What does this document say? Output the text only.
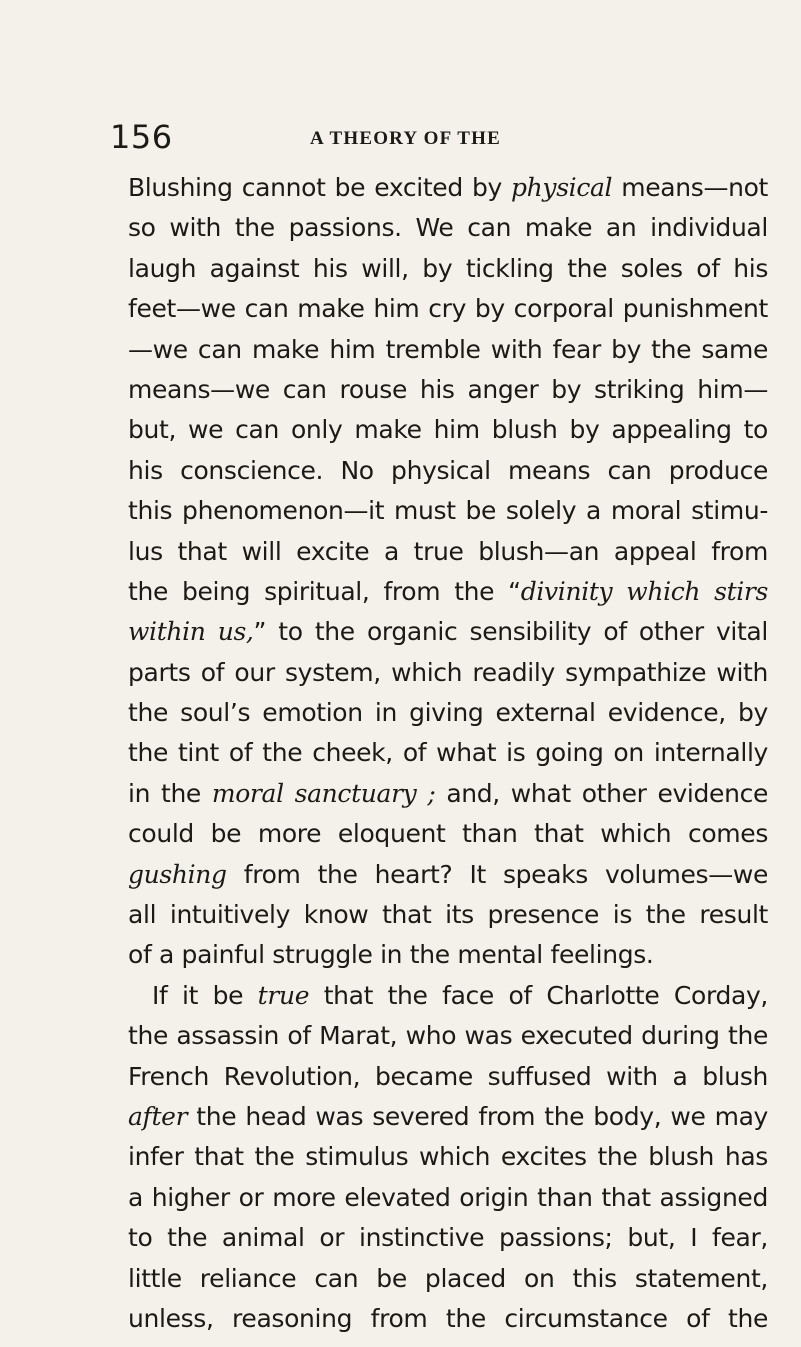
156	A THEORY OF THE
Blushing cannot be excited by physical means—not
so with the passions. We can make an individual
laugh against his will, by tickling the soles of his
feet—we can make him cry by corporal punishment
—we can make him tremble with fear by the same
means—we can rouse his anger by striking him—
but, we can only make him blush by appealing to
his conscience. No physical means can produce
this phenomenon—it must be solely a moral stimu-
lus that will excite a true blush—an appeal from
the being spiritual, from the “divinity which stirs
within us,” to the organic sensibility of other vital
parts of our system, which readily sympathize with
the soul’s emotion in giving external evidence, by
the tint of the cheek, of what is going on internally
in the moral sanctuary ; and, what other evidence
could be more eloquent than that which comes
gushing from the heart? It speaks volumes—we
all intuitively know that its presence is the result
of a painful struggle in the mental feelings.
If it be true that the face of Charlotte Corday,
the assassin of Marat, who was executed during the
French Revolution, became suffused with a blush
after the head was severed from the body, we may
infer that the stimulus which excites the blush has
a higher or more elevated origin than that assigned
to the animal or instinctive passions; but, I fear,
little reliance can be placed on this statement,
unless, reasoning from the circumstance of the
